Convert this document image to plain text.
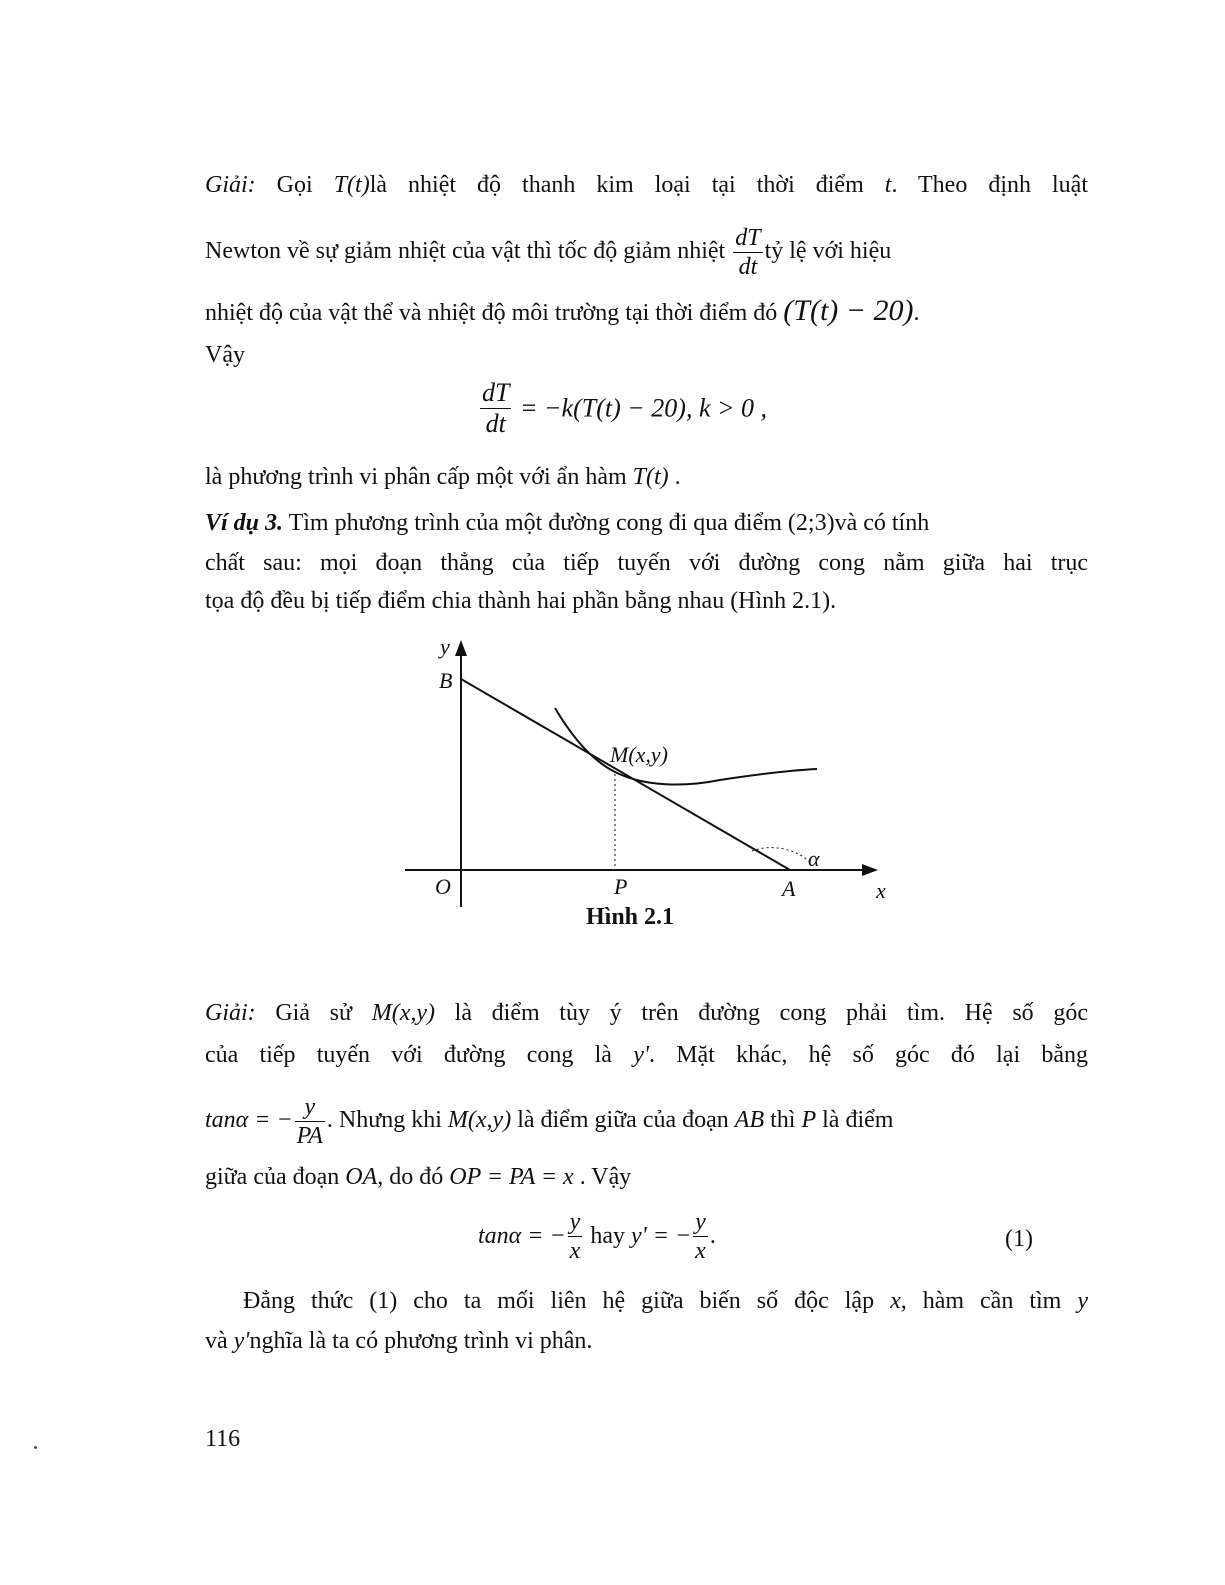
Giải: Gọi T(t)là nhiệt độ thanh kim loại tại thời điểm t. Theo định luật
Newton về sự giảm nhiệt của vật thì tốc độ giảm nhiệt $\frac{dT}{dt}$ tỷ lệ với hiệu
nhiệt độ của vật thể và nhiệt độ môi trường tại thời điểm đó (T(t) − 20).
Vậy
$\frac{dT}{dt} = -k(T(t) - 20)$, k > 0 ,
là phương trình vi phân cấp một với ẩn hàm T(t) .
Ví dụ 3. Tìm phương trình của một đường cong đi qua điểm (2;3)và có tính
chất sau: mọi đoạn thẳng của tiếp tuyến với đường cong nằm giữa hai trục
tọa độ đều bị tiếp điểm chia thành hai phần bằng nhau (Hình 2.1).
y
B
M(x,y)
α
O	P	A	x
Hình 2.1
Giải: Giả sử M(x,y) là điểm tùy ý trên đường cong phải tìm. Hệ số góc
của tiếp tuyến với đường cong là y'. Mặt khác, hệ số góc đó lại bằng
tanα = − $\frac{y}{PA}$ . Nhưng khi M(x,y) là điểm giữa của đoạn AB thì P là điểm
giữa của đoạn OA, do đó OP = PA = x . Vậy
tanα = − $\frac{y}{x}$ hay y' = − $\frac{y}{x}$ .	(1)
Đẳng thức (1) cho ta mối liên hệ giữa biến số độc lập x, hàm cần tìm y
và y'nghĩa là ta có phương trình vi phân.
116
